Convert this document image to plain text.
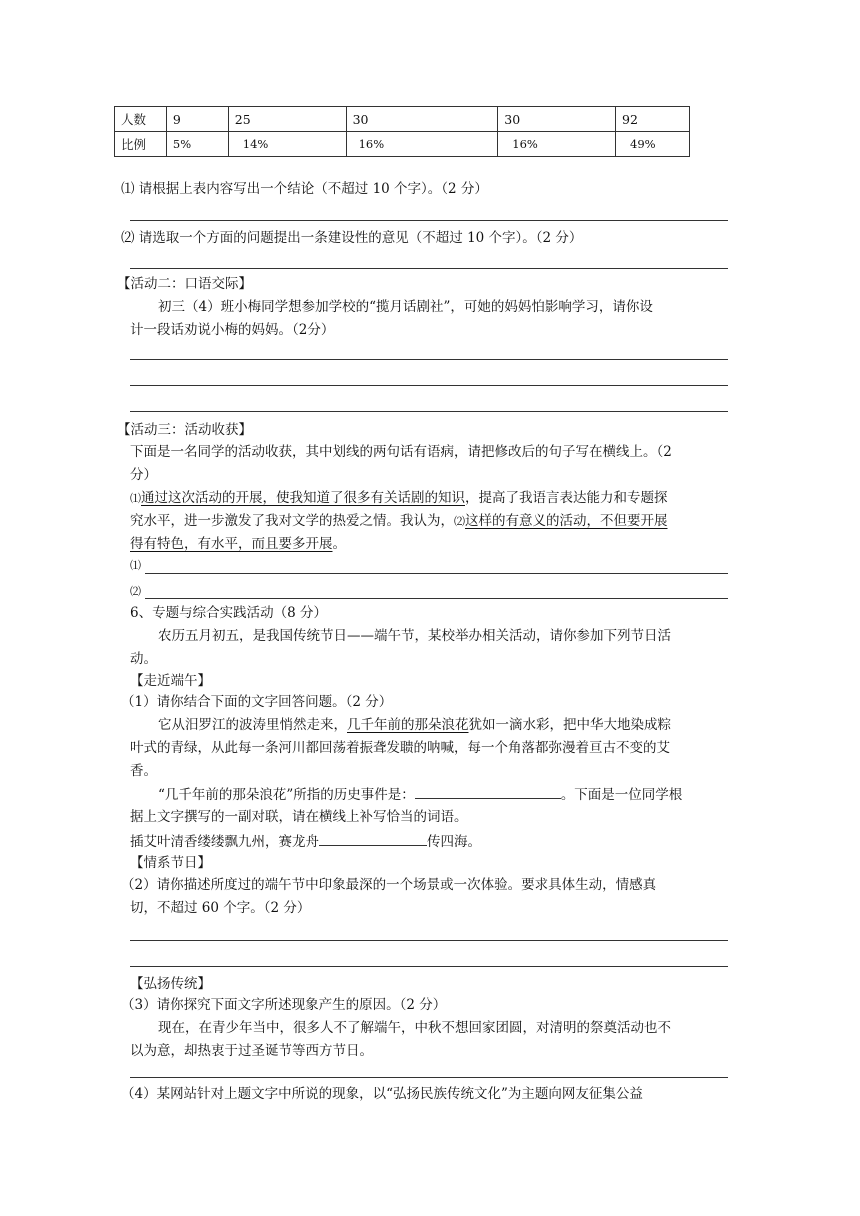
人数	9	25	30	30	92
比例	5%	14%	16%	16%	49%
⑴ 请根据上表内容写出一个结论（不超过 10 个字）。（2 分）
⑵ 请选取一个方面的问题提出一条建设性的意见（不超过 10 个字）。（2 分）
【活动二：口语交际】
初三（4）班小梅同学想参加学校的“揽月话剧社”，可她的妈妈怕影响学习，请你设
计一段话劝说小梅的妈妈。（2分）
【活动三：活动收获】
下面是一名同学的活动收获，其中划线的两句话有语病，请把修改后的句子写在横线上。（2
分）
⑴通过这次活动的开展，使我知道了很多有关话剧的知识，提高了我语言表达能力和专题探
究水平，进一步激发了我对文学的热爱之情。我认为，⑵这样的有意义的活动，不但要开展
得有特色，有水平，而且要多开展。
⑴
⑵
6、专题与综合实践活动（8 分）
农历五月初五，是我国传统节日——端午节，某校举办相关活动，请你参加下列节日活
动。
【走近端午】
（1）请你结合下面的文字回答问题。（2 分）
它从汨罗江的波涛里悄然走来，几千年前的那朵浪花犹如一滴水彩，把中华大地染成粽
叶式的青绿，从此每一条河川都回荡着振聋发聩的呐喊，每一个角落都弥漫着亘古不变的艾
香。
“几千年前的那朵浪花”所指的历史事件是：	。下面是一位同学根
据上文字撰写的一副对联，请在横线上补写恰当的词语。
插艾叶清香缕缕飘九州，赛龙舟	传四海。
【情系节日】
（2）请你描述所度过的端午节中印象最深的一个场景或一次体验。要求具体生动，情感真
切，不超过 60 个字。（2 分）
【弘扬传统】
（3）请你探究下面文字所述现象产生的原因。（2 分）
现在，在青少年当中，很多人不了解端午，中秋不想回家团圆，对清明的祭奠活动也不
以为意，却热衷于过圣诞节等西方节日。
（4）某网站针对上题文字中所说的现象，以“弘扬民族传统文化”为主题向网友征集公益
